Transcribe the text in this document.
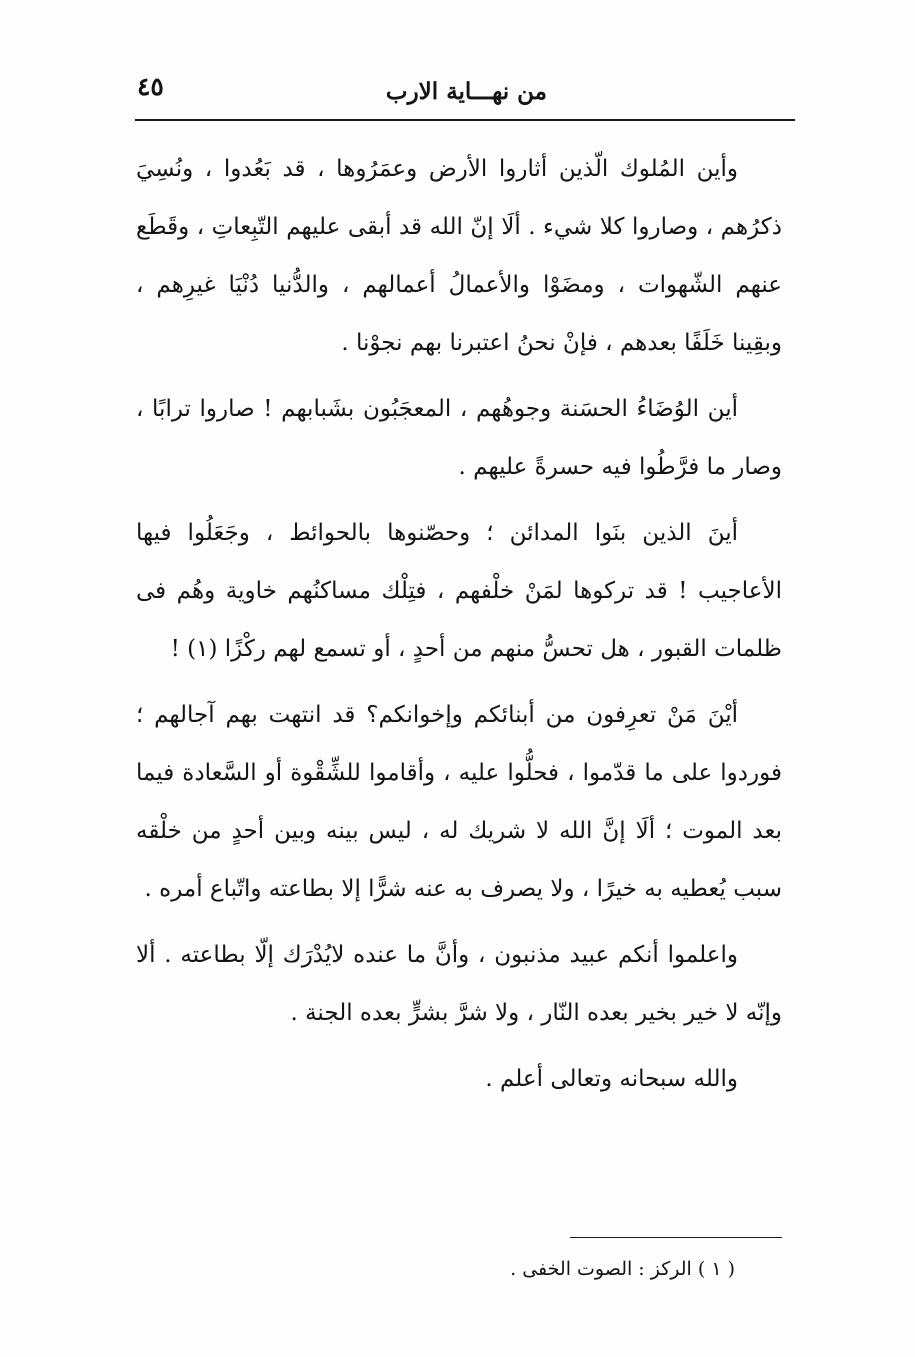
٤٥	من نهـــاية الارب

وأين المُلوك الّذين أثاروا الأرض وعمَرُوها ، قد بَعُدوا ، ونُسِيَ ذكرُهم ، وصاروا كلا شيء . ألَا إنّ الله قد أبقى عليهم التّبِعاتِ ، وقَطَع عنهم الشّهوات ، ومضَوْا والأعمالُ أعمالهم ، والدُّنيا دُنْيَا غيرِهم ، وبقِينا خَلَفًا بعدهم ، فإنْ نحنُ اعتبرنا بهم نجوْنا .

أين الوُضَاءُ الحسَنة وجوهُهم ، المعجَبُون بشَبابهم ! صاروا ترابًا ، وصار ما فرَّطُوا فيه حسرةً عليهم .

أينَ الذين بنَوا المدائن ؛ وحصّنوها بالحوائط ، وجَعَلُوا فيها الأعاجيب ! قد تركوها لمَنْ خلْفهم ، فتِلْك مساكنُهم خاوية وهُم فى ظلمات القبور ، هل تحسُّ منهم من أحدٍ ، أو تسمع لهم ركْزًا (١) !

أيْنَ مَنْ تعرِفون من أبنائكم وإخوانكم؟ قد انتهت بهم آجالهم ؛ فوردوا على ما قدّموا ، فحلُّوا عليه ، وأقاموا للشِّقْوة أو السَّعادة فيما بعد الموت ؛ ألَا إنَّ الله لا شريك له ، ليس بينه وبين أحدٍ من خلْقه سبب يُعطيه به خيرًا ، ولا يصرف به عنه شرًّا إلا بطاعته واتّباع أمره .

واعلموا أنكم عبيد مذنبون ، وأنَّ ما عنده لايُدْرَك إلّا بطاعته . ألا وإنّه لا خير بخير بعده النّار ، ولا شرَّ بشرٍّ بعده الجنة .

والله سبحانه وتعالى أعلم .

( ١ ) الركز : الصوت الخفى .
